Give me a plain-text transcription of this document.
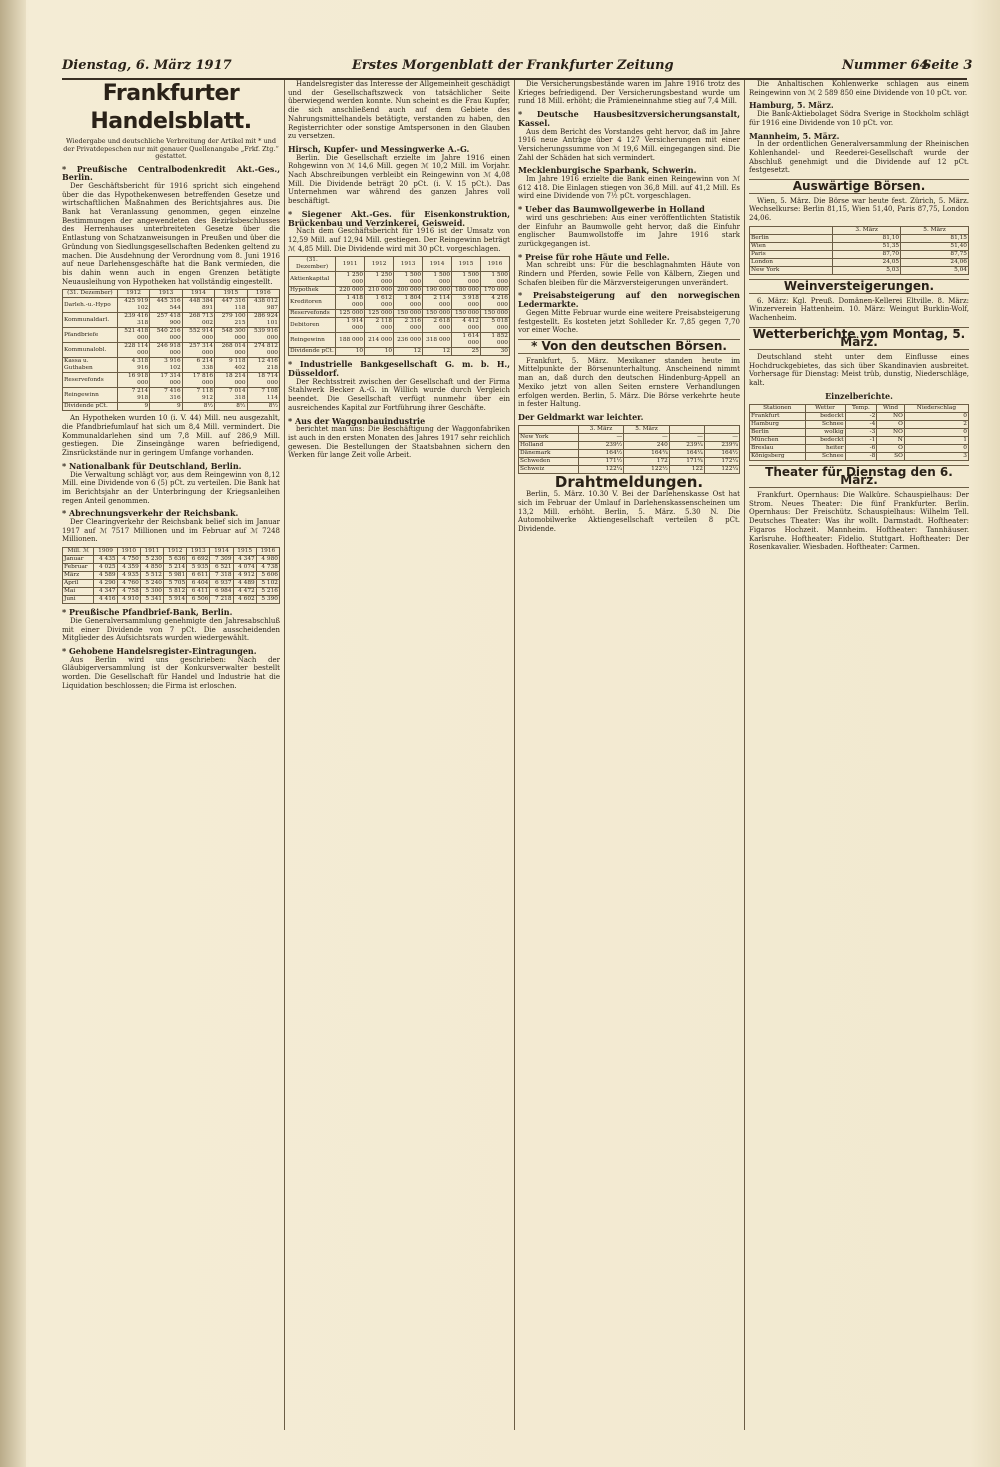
Dienstag, 6. März 1917	Erstes Morgenblatt der Frankfurter Zeitung	Nummer 64
Seite 3
Frankfurter Handelsblatt.
Wiedergabe und deutschliche Verbreitung der Artikel mit * und der Privatdepeschen nur mit genauer Quellenangabe „Frkf. Ztg.“ gestattet.
* Preußische Centralbodenkredit Akt.-Ges., Berlin.

Der Geschäftsbericht für 1916 spricht sich eingehend über die das Hypothekenwesen betreffenden Gesetze und wirtschaftlichen Maßnahmen des Berichtsjahres aus. Die Bank hat Veranlassung genommen, gegen einzelne Bestimmungen der angewendeten des Bezirksbeschlusses des Herrenhauses unterbreiteten Gesetze über die Entlastung von Schatzanweisungen in Preußen und über die Gründung von Siedlungsgesellschaften Bedenken geltend zu machen. Die Ausdehnung der Verordnung vom 8. Juni 1916 auf neue Darlehensgeschäfte hat die Bank vermieden, die bis dahin wenn auch in engen Grenzen betätigte Neuausleihung von Hypotheken hat vollständig eingestellt.

(31. Dezember)	1912	1913	1914	1915	1916
Darleh.-u.-Hypo	425 919 102	445 316 544	448 384 891	447 316 118	438 012 987
Kommunaldarl.	239 416 318	257 418 900	268 713 002	279 100 215	286 924 101
Pfandbriefe	521 418 000	540 216 000	552 914 000	548 300 000	539 916 000
Kommunalobl.	228 114 000	246 918 000	257 314 000	268 014 000	274 812 000
Kassa u. Guthaben	4 318 916	3 916 102	6 214 338	9 118 402	12 416 218
Reservefonds	16 918 000	17 314 000	17 816 000	18 214 000	18 714 000
Reingewinn	7 214 918	7 416 316	7 118 912	7 014 318	7 108 114
Dividende pCt.	9	9	8½	8½	8½

An Hypotheken wurden 10 (i. V. 44) Mill. neu ausgezahlt, die Pfandbriefumlauf hat sich um 8,4 Mill. vermindert. Die Kommunaldarlehen sind um 7,8 Mill. auf 286,9 Mill. gestiegen. Die Zinseingänge waren befriedigend, Zinsrückstände nur in geringem Umfange vorhanden.

* Nationalbank für Deutschland, Berlin.

Die Verwaltung schlägt vor, aus dem Reingewinn von 8,12 Mill. eine Dividende von 6 (5) pCt. zu verteilen. Die Bank hat im Berichtsjahr an der Unterbringung der Kriegsanleihen regen Anteil genommen.

* Abrechnungsverkehr der Reichsbank.

Der Clearingverkehr der Reichsbank belief sich im Januar 1917 auf ℳ 7517 Millionen und im Februar auf ℳ 7248 Millionen.

Mill. ℳ	1909	1910	1911	1912	1913	1914	1915	1916
Januar	4 435	4 750	5 230	5 636	6 692	7 309	4 347	4 980
Februar	4 025	4 359	4 850	5 214	5 935	6 521	4 074	4 738
März	4 589	4 935	5 512	5 981	6 611	7 318	4 912	5 606
April	4 290	4 760	5 240	5 705	6 404	6 937	4 489	5 102
Mai	4 347	4 758	5 300	5 812	6 411	6 984	4 472	5 216
Juni	4 416	4 910	5 341	5 914	6 506	7 218	4 602	5 390
* Preußische Pfandbrief-Bank, Berlin.

Die Generalversammlung genehmigte den Jahresabschluß mit einer Dividende von 7 pCt. Die ausscheidenden Mitglieder des Aufsichtsrats wurden wiedergewählt.

* Gehobene Handelsregister-Eintragungen.

Aus Berlin wird uns geschrieben: Nach der Gläubigerversammlung ist der Konkursverwalter bestellt worden. Die Gesellschaft für Handel und Industrie hat die Liquidation beschlossen; die Firma ist erloschen.

Handelsregister das Interesse der Allgemeinheit geschädigt und der Gesellschaftszweck von tatsächlicher Seite überwiegend werden konnte. Nun scheint es die Frau Kupfer, die sich anschließend auch auf dem Gebiete des Nahrungsmittelhandels betätigte, verstanden zu haben, den Registerrichter oder sonstige Amtspersonen in den Glauben zu versetzen.

Hirsch, Kupfer- und Messingwerke A.-G.

Berlin. Die Gesellschaft erzielte im Jahre 1916 einen Rohgewinn von ℳ 14,6 Mill. gegen ℳ 10,2 Mill. im Vorjahr. Nach Abschreibungen verbleibt ein Reingewinn von ℳ 4,08 Mill. Die Dividende beträgt 20 pCt. (i. V. 15 pCt.). Das Unternehmen war während des ganzen Jahres voll beschäftigt.

* Siegener Akt.-Ges. für Eisenkonstruktion, Brückenbau und Verzinkerei, Geisweid.

Nach dem Geschäftsbericht für 1916 ist der Umsatz von 12,59 Mill. auf 12,94 Mill. gestiegen. Der Reingewinn beträgt ℳ 4,85 Mill. Die Dividende wird mit 30 pCt. vorgeschlagen.

(31. Dezember)	1911	1912	1913	1914	1915	1916
Aktienkapital	1 250 000	1 250 000	1 500 000	1 500 000	1 500 000	1 500 000
Hypothek	220 000	210 000	200 000	190 000	180 000	170 000
Kreditoren	1 418 000	1 612 000	1 804 000	2 114 000	3 918 000	4 216 000
Reservefonds	125 000	125 000	150 000	150 000	150 000	150 000
Debitoren	1 914 000	2 118 000	2 316 000	2 618 000	4 412 000	5 018 000
Reingewinn	188 000	214 000	236 000	318 000	1 614 000	1 852 000
Dividende pCt.	10	10	12	12	25	30
* Industrielle Bankgesellschaft G. m. b. H., Düsseldorf.

Der Rechtsstreit zwischen der Gesellschaft und der Firma Stahlwerk Becker A.-G. in Willich wurde durch Vergleich beendet. Die Gesellschaft verfügt nunmehr über ein ausreichendes Kapital zur Fortführung ihrer Geschäfte.

* Aus der Waggonbauindustrie

berichtet man uns: Die Beschäftigung der Waggonfabriken ist auch in den ersten Monaten des Jahres 1917 sehr reichlich gewesen. Die Bestellungen der Staatsbahnen sichern den Werken für lange Zeit volle Arbeit.

Die Versicherungsbestände waren im Jahre 1916 trotz des Krieges befriedigend. Der Versicherungsbestand wurde um rund 18 Mill. erhöht; die Prämieneinnahme stieg auf 7,4 Mill.

* Deutsche Hausbesitzversicherungsanstalt, Kassel.

Aus dem Bericht des Vorstandes geht hervor, daß im Jahre 1916 neue Anträge über 4 127 Versicherungen mit einer Versicherungssumme von ℳ 19,6 Mill. eingegangen sind. Die Zahl der Schäden hat sich vermindert.

Mecklenburgische Sparbank, Schwerin.

Im Jahre 1916 erzielte die Bank einen Reingewinn von ℳ 612 418. Die Einlagen stiegen von 36,8 Mill. auf 41,2 Mill. Es wird eine Dividende von 7½ pCt. vorgeschlagen.

* Ueber das Baumwollgewerbe in Holland

wird uns geschrieben: Aus einer veröffentlichten Statistik der Einfuhr an Baumwolle geht hervor, daß die Einfuhr englischer Baumwollstoffe im Jahre 1916 stark zurückgegangen ist.

* Preise für rohe Häute und Felle.

Man schreibt uns: Für die beschlagnahmten Häute von Rindern und Pferden, sowie Felle von Kälbern, Ziegen und Schafen bleiben für die Märzversteigerungen unverändert.

* Preisabsteigerung auf den norwegischen Ledermarkte.

Gegen Mitte Februar wurde eine weitere Preisabsteigerung festgestellt. Es kosteten jetzt Sohlleder Kr. 7,85 gegen 7,70 vor einer Woche.

* Von den deutschen Börsen.

Frankfurt, 5. März. Mexikaner standen heute im Mittelpunkte der Börsenunterhaltung. Anscheinend nimmt man an, daß durch den deutschen Hindenburg-Appell an Mexiko jetzt von allen Seiten ernstere Verhandlungen erfolgen werden. Berlin, 5. März. Die Börse verkehrte heute in fester Haltung.

Der Geldmarkt war leichter.
	3. März	5. März		
New York	—	—	—	—
Holland	239½	240	239¼	239¾
Dänemark	164½	164¾	164¼	164½
Schweden	171½	172	171¾	172¼
Schweiz	122¼	122½	122	122¼
Drahtmeldungen.

Berlin, 5. März. 10.30 V. Bei der Darlehenskasse Ost hat sich im Februar der Umlauf in Darlehenskassenscheinen um 13,2 Mill. erhöht. Berlin, 5. März. 5.30 N. Die Automobilwerke Aktiengesellschaft verteilen 8 pCt. Dividende.

Die Anhaltischen Kohlenwerke schlagen aus einem Reingewinn von ℳ 2 589 850 eine Dividende von 10 pCt. vor.

Hamburg, 5. März.

Die Bank-Aktiebolaget Södra Sverige in Stockholm schlägt für 1916 eine Dividende von 10 pCt. vor.

Mannheim, 5. März.

In der ordentlichen Generalversammlung der Rheinischen Kohlenhandel- und Reederei-Gesellschaft wurde der Abschluß genehmigt und die Dividende auf 12 pCt. festgesetzt.

Auswärtige Börsen.

Wien, 5. März. Die Börse war heute fest. Zürich, 5. März. Wechselkurse: Berlin 81,15, Wien 51,40, Paris 87,75, London 24,06.

	3. März	5. März
Berlin	81,10	81,15
Wien	51,35	51,40
Paris	87,70	87,75
London	24,05	24,06
New York	5,03	5,04
Weinversteigerungen.

6. März: Kgl. Preuß. Domänen-Kellerei Eltville. 8. März: Winzerverein Hattenheim. 10. März: Weingut Burklin-Wolf, Wachenheim.

Wetterberichte vom Montag, 5. März.

Deutschland steht unter dem Einflusse eines Hochdruckgebietes, das sich über Skandinavien ausbreitet. Vorhersage für Dienstag: Meist trüb, dunstig, Niederschläge, kalt.

Einzelberichte.
Stationen	Wetter	Temp.	Wind	Niederschlag
Frankfurt	bedeckt	-2	NO	0
Hamburg	Schnee	-4	O	2
Berlin	wolkig	-3	NO	0
München	bedeckt	-1	N	1
Breslau	heiter	-6	O	0
Königsberg	Schnee	-8	SO	3
Theater für Dienstag den 6. März.

Frankfurt. Opernhaus: Die Walküre. Schauspielhaus: Der Strom. Neues Theater: Die fünf Frankfurter. Berlin. Opernhaus: Der Freischütz. Schauspielhaus: Wilhelm Tell. Deutsches Theater: Was ihr wollt. Darmstadt. Hoftheater: Figaros Hochzeit. Mannheim. Hoftheater: Tannhäuser. Karlsruhe. Hoftheater: Fidelio. Stuttgart. Hoftheater: Der Rosenkavalier. Wiesbaden. Hoftheater: Carmen.
